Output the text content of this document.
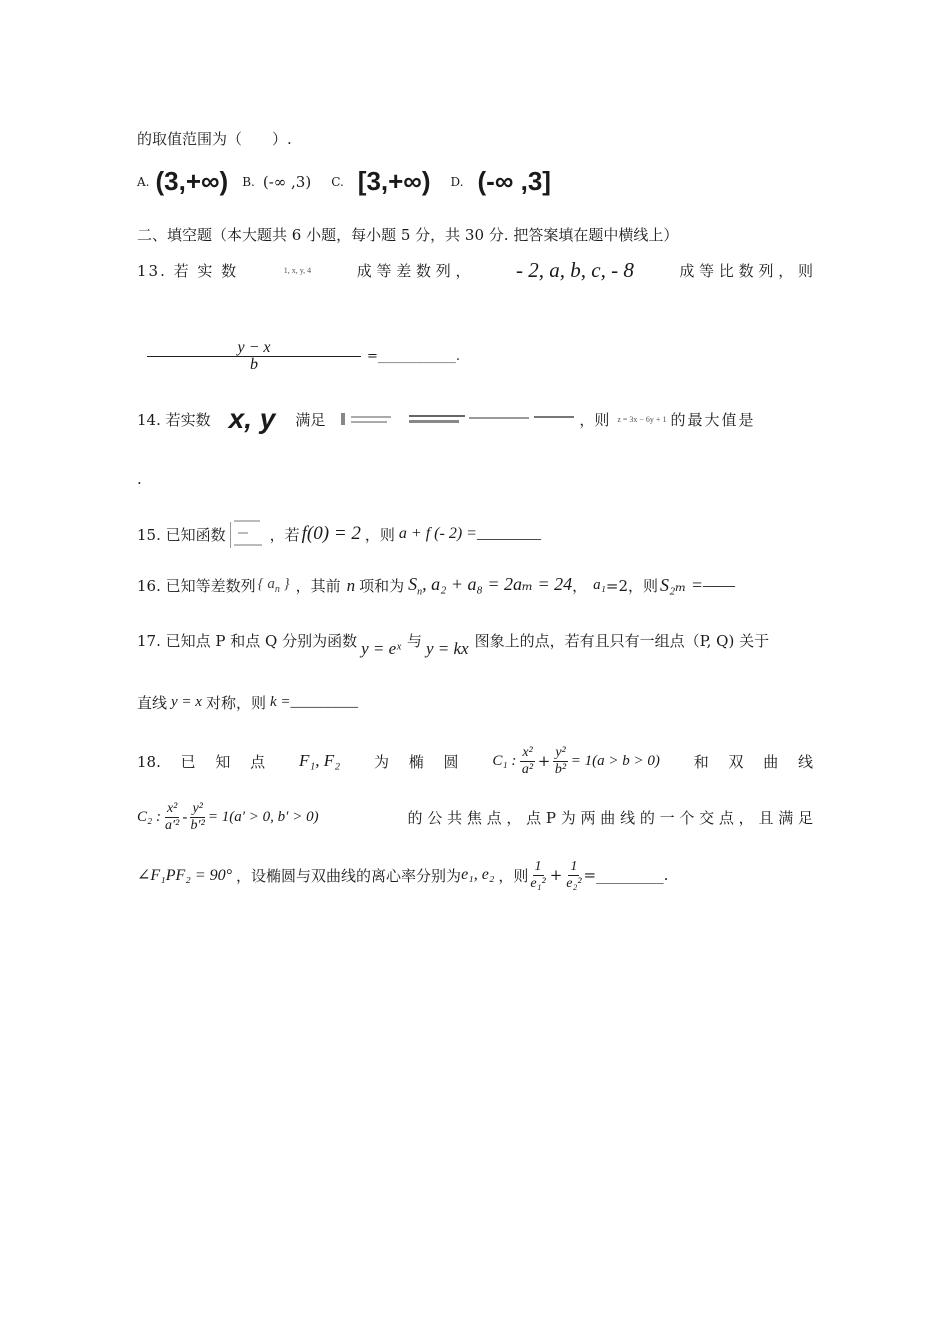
的取值范围为（　　）.
A. (3,+∞) B. (-∞ ,3) C. [3,+∞) D. (-∞ ,3]
二、填空题（本大题共 6 小题，每小题 5 分，共 30 分. 把答案填在题中横线上）
13. 若 实 数	1, x, y, 4	成 等 差 数 列 ， - 2, a, b, c, - 8	成 等 比 数 列 ， 则
$\frac{y - x}{b}$ =____________.
14. 若实数 x, y 满足	，则 z = 3x − 6y + 1 的最大值是
.
15. 已知函数	，若 f(0) = 2 ，则 a + f (- 2) =________
16. 已知等差数列 { $a_n$ } ，其前 n 项和为 $S_n$, a₂ + a₈ = 2aₘ = 24 ， a₁ =2，则 S₂ₘ =——
17. 已知点 P 和点 Q 分别为函数 y = eˣ 与 y = kx 图象上的点，若有且只有一组点（P, Q) 关于
直线 y = x 对称，则 k =_________
18.　 已　 知　 点 F₁, F₂ 为　 椭　 圆 C₁ : $\frac{\text{x²}}{\text{a²}} + \frac{\text{y²}}{\text{b²}} = 1(a > b > 0)$ 和　 双　 曲　 线
C₂ : $\frac{\text{x²}}{\text{a′²}} - \frac{\text{y²}}{\text{b′²}} = 1(a' > 0$, b′ > 0)	的 公 共 焦 点 ， 点 P 为 两 曲 线 的 一 个 交 点 ， 且 满 足
∠F₁PF₂ = 90° ，设椭圆与双曲线的离心率分别为 e₁, e₂ ，则 $\frac{1}{\text{e₁²}} + \frac{1}{\text{e₂²}}$ =_________.
